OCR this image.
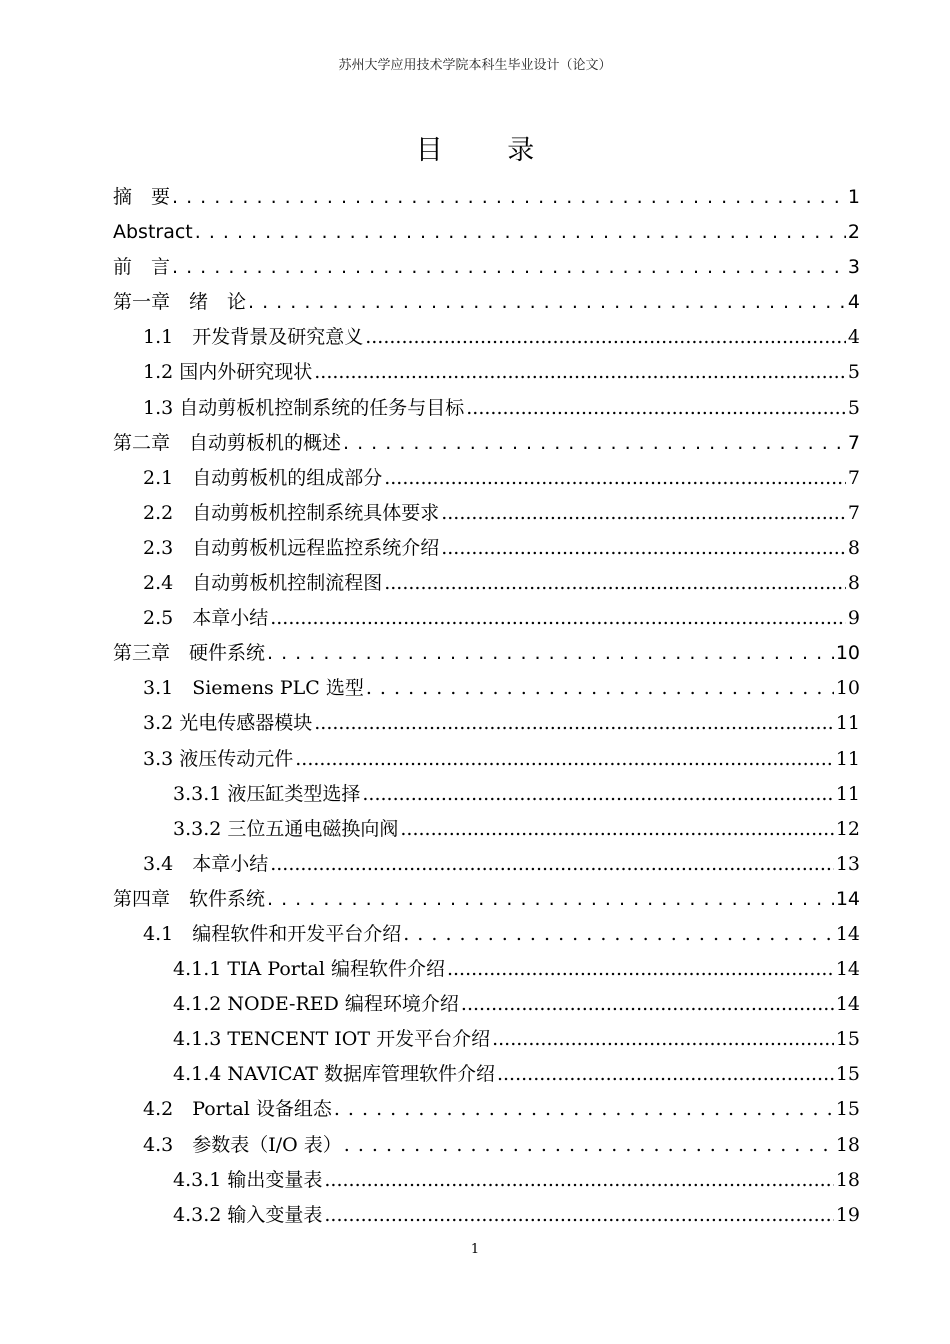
苏州大学应用技术学院本科生毕业设计（论文）
目 录
摘　要 . . .	1
Abstract . . .	2
前　言 . . .	3
第一章　绪　论 . . .	4
1.1　开发背景及研究意义 .....	4
1.2 国内外研究现状 .....	5
1.3 自动剪板机控制系统的任务与目标 .....	5
第二章　自动剪板机的概述 . . .	7
2.1　自动剪板机的组成部分 .....	7
2.2　自动剪板机控制系统具体要求 .....	7
2.3　自动剪板机远程监控系统介绍 .....	8
2.4　自动剪板机控制流程图 .....	8
2.5　本章小结 .....	9
第三章　硬件系统 . . .	10
3.1　Siemens PLC 选型 . . .	10
3.2 光电传感器模块 .....	11
3.3 液压传动元件 .....	11
3.3.1 液压缸类型选择 .....	11
3.3.2 三位五通电磁换向阀 .....	12
3.4　本章小结 .....	13
第四章　软件系统 . . .	14
4.1　编程软件和开发平台介绍 . . .	14
4.1.1 TIA Portal 编程软件介绍 .....	14
4.1.2 NODE-RED 编程环境介绍 .....	14
4.1.3 TENCENT IOT 开发平台介绍 .....	15
4.1.4 NAVICAT 数据库管理软件介绍 .....	15
4.2　Portal 设备组态 . . .	15
4.3　参数表（I/O 表） . . .	18
4.3.1 输出变量表 .....	18
4.3.2 输入变量表 .....	19
1
